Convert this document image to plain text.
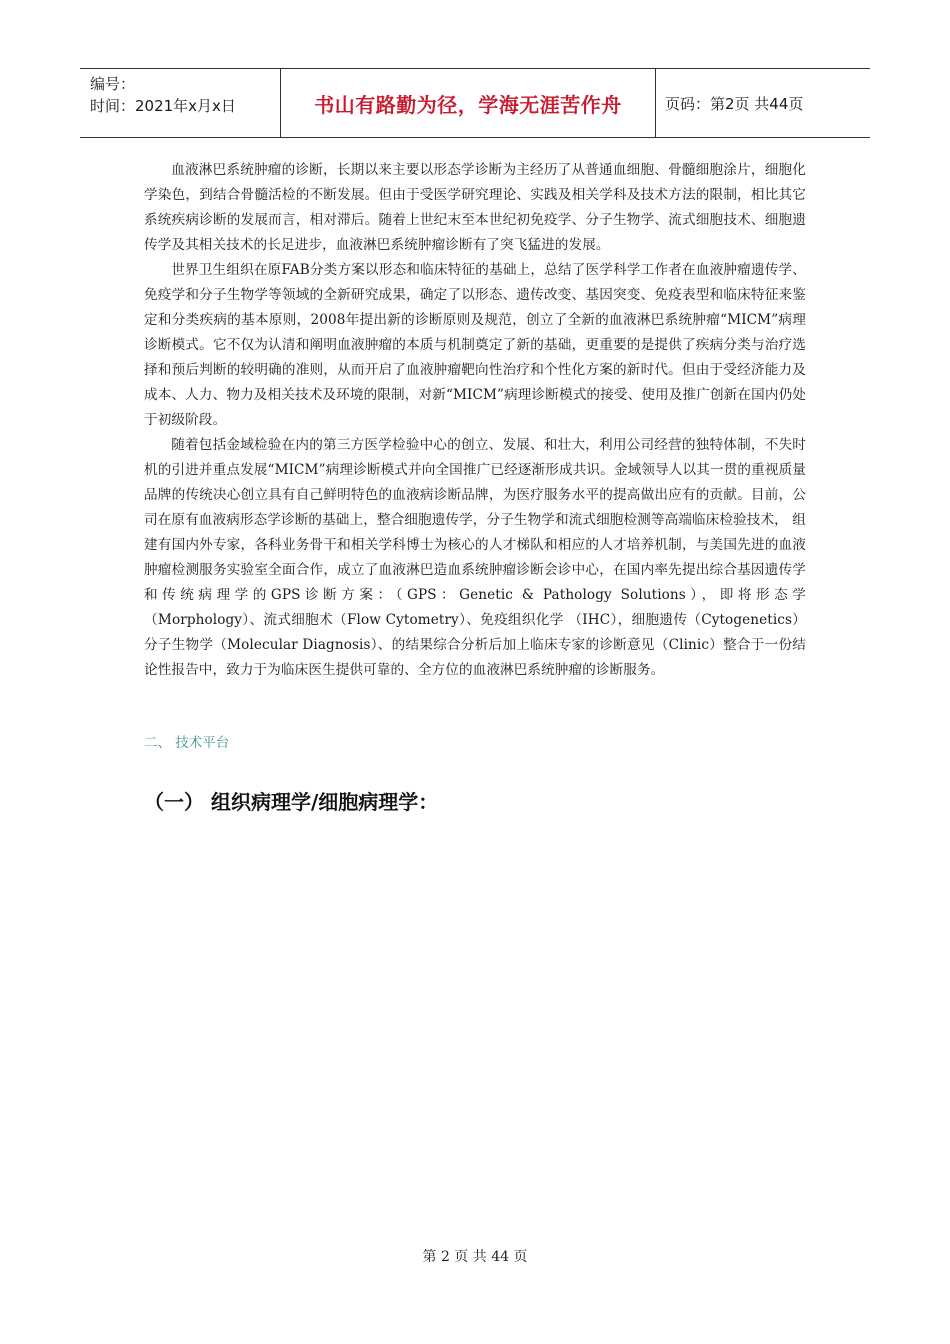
编号：
时间：2021年x月x日	书山有路勤为径，学海无涯苦作舟	页码：第2页 共44页

血液淋巴系统肿瘤的诊断，长期以来主要以形态学诊断为主经历了从普通血细胞、骨髓细胞涂片，细胞化学染色，到结合骨髓活检的不断发展。但由于受医学研究理论、实践及相关学科及技术方法的限制，相比其它系统疾病诊断的发展而言，相对滞后。随着上世纪末至本世纪初免疫学、分子生物学、流式细胞技术、细胞遗传学及其相关技术的长足进步，血液淋巴系统肿瘤诊断有了突飞猛进的发展。

世界卫生组织在原FAB分类方案以形态和临床特征的基础上，总结了医学科学工作者在血液肿瘤遗传学、免疫学和分子生物学等领域的全新研究成果，确定了以形态、遗传改变、基因突变、免疫表型和临床特征来鉴定和分类疾病的基本原则，2008年提出新的诊断原则及规范，创立了全新的血液淋巴系统肿瘤“MICM”病理诊断模式。它不仅为认清和阐明血液肿瘤的本质与机制奠定了新的基础，更重要的是提供了疾病分类与治疗选择和预后判断的较明确的准则，从而开启了血液肿瘤靶向性治疗和个性化方案的新时代。但由于受经济能力及成本、人力、物力及相关技术及环境的限制，对新“MICM”病理诊断模式的接受、使用及推广创新在国内仍处于初级阶段。

随着包括金域检验在内的第三方医学检验中心的创立、发展、和壮大，利用公司经营的独特体制，不失时机的引进并重点发展“MICM”病理诊断模式并向全国推广已经逐渐形成共识。金域领导人以其一贯的重视质量品牌的传统决心创立具有自己鲜明特色的血液病诊断品牌，为医疗服务水平的提高做出应有的贡献。目前，公司在原有血液病形态学诊断的基础上，整合细胞遗传学，分子生物学和流式细胞检测等高端临床检验技术， 组建有国内外专家，各科业务骨干和相关学科博士为核心的人才梯队和相应的人才培养机制，与美国先进的血液肿瘤检测服务实验室全面合作，成立了血液淋巴造血系统肿瘤诊断会诊中心，在国内率先提出综合基因遗传学和传统病理学的GPS诊断方案：（GPS：Genetic & Pathology Solutions），即将形态学（Morphology）、流式细胞术（Flow Cytometry）、免疫组织化学 （IHC），细胞遗传（Cytogenetics） 分子生物学（Molecular Diagnosis）、的结果综合分析后加上临床专家的诊断意见（Clinic）整合于一份结论性报告中，致力于为临床医生提供可靠的、全方位的血液淋巴系统肿瘤的诊断服务。

二、 技术平台
（一） 组织病理学/细胞病理学：
第 2 页 共 44 页
